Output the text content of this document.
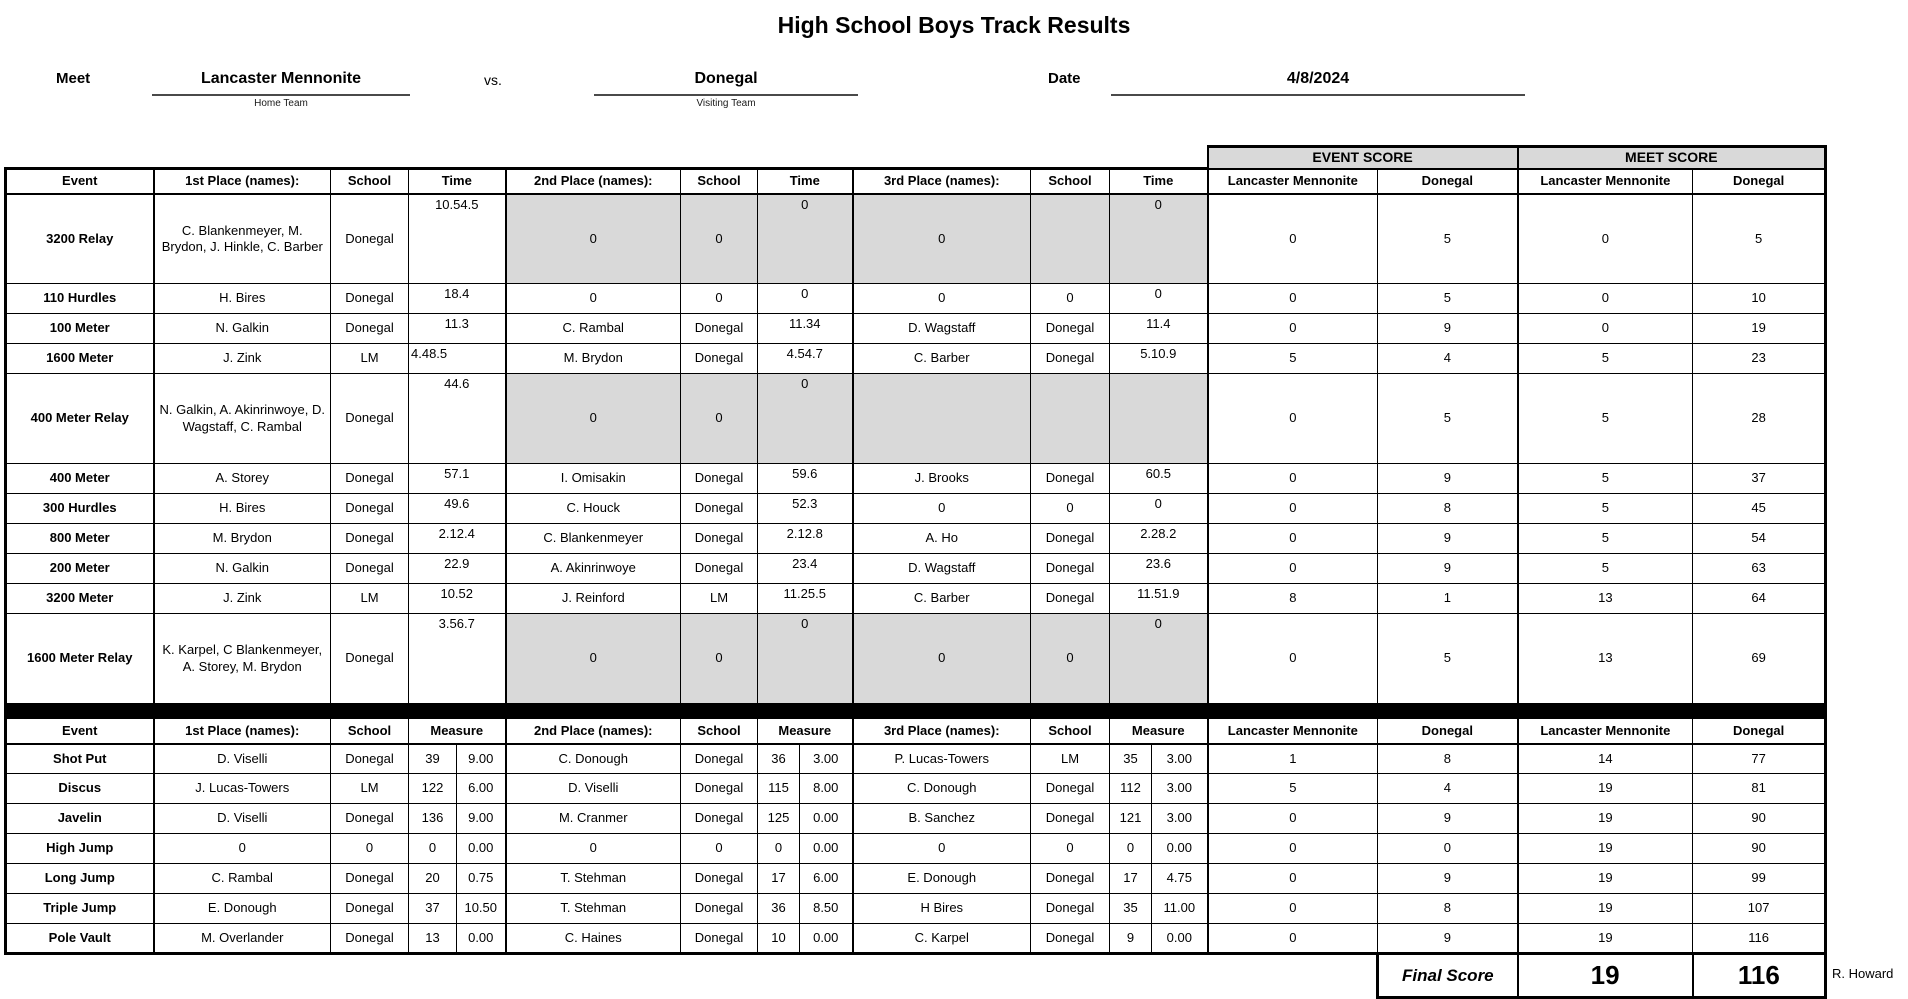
High School Boys Track Results
Meet	Lancaster Mennonite
Home Team
vs.	Donegal
Visiting Team
Date	4/8/2024
													EVENT SCORE		MEET SCORE	
Event	1st Place (names):	School	Time		2nd Place (names):	School	Time		3rd Place (names):	School	Time		Lancaster Mennonite	Donegal	Lancaster Mennonite	Donegal
3200 Relay	C. Blankenmeyer, M. Brydon, J. Hinkle, C. Barber	Donegal	10.54.5		0	0	0		0		0		0	5	0	5
110 Hurdles	H. Bires	Donegal	18.4		0	0	0		0	0	0		0	5	0	10
100 Meter	N. Galkin	Donegal	11.3		C. Rambal	Donegal	11.34		D. Wagstaff	Donegal	11.4		0	9	0	19
1600 Meter	J. Zink	LM	4.48.5		M. Brydon	Donegal	4.54.7		C. Barber	Donegal	5.10.9		5	4	5	23
400 Meter Relay	N. Galkin, A. Akinrinwoye, D. Wagstaff, C. Rambal	Donegal	44.6		0	0	0						0	5	5	28
400 Meter	A. Storey	Donegal	57.1		I. Omisakin	Donegal	59.6		J. Brooks	Donegal	60.5		0	9	5	37
300 Hurdles	H. Bires	Donegal	49.6		C. Houck	Donegal	52.3		0	0	0		0	8	5	45
800 Meter	M. Brydon	Donegal	2.12.4		C. Blankenmeyer	Donegal	2.12.8		A. Ho	Donegal	2.28.2		0	9	5	54
200 Meter	N. Galkin	Donegal	22.9		A. Akinrinwoye	Donegal	23.4		D. Wagstaff	Donegal	23.6		0	9	5	63
3200 Meter	J. Zink	LM	10.52		J. Reinford	LM	11.25.5		C. Barber	Donegal	11.51.9		8	1	13	64
1600 Meter Relay	K. Karpel, C Blankenmeyer, A. Storey, M. Brydon	Donegal	3.56.7		0	0	0		0	0	0		0	5	13	69

Event	1st Place (names):	School	Measure		2nd Place (names):	School	Measure		3rd Place (names):	School	Measure		Lancaster Mennonite	Donegal	Lancaster Mennonite	Donegal
Shot Put	D. Viselli	Donegal	39	9.00	C. Donough	Donegal	36	3.00	P. Lucas-Towers	LM	35	3.00	1	8	14	77
Discus	J. Lucas-Towers	LM	122	6.00	D. Viselli	Donegal	115	8.00	C. Donough	Donegal	112	3.00	5	4	19	81
Javelin	D. Viselli	Donegal	136	9.00	M. Cranmer	Donegal	125	0.00	B. Sanchez	Donegal	121	3.00	0	9	19	90
High Jump	0	0	0	0.00	0	0	0	0.00	0	0	0	0.00	0	0	19	90
Long Jump	C. Rambal	Donegal	20	0.75	T. Stehman	Donegal	17	6.00	E. Donough	Donegal	17	4.75	0	9	19	99
Triple Jump	E. Donough	Donegal	37	10.50	T. Stehman	Donegal	36	8.50	H Bires	Donegal	35	11.00	0	8	19	107
Pole Vault	M. Overlander	Donegal	13	0.00	C. Haines	Donegal	10	0.00	C. Karpel	Donegal	9	0.00	0	9	19	116
														Final Score	19	116	R. Howard
